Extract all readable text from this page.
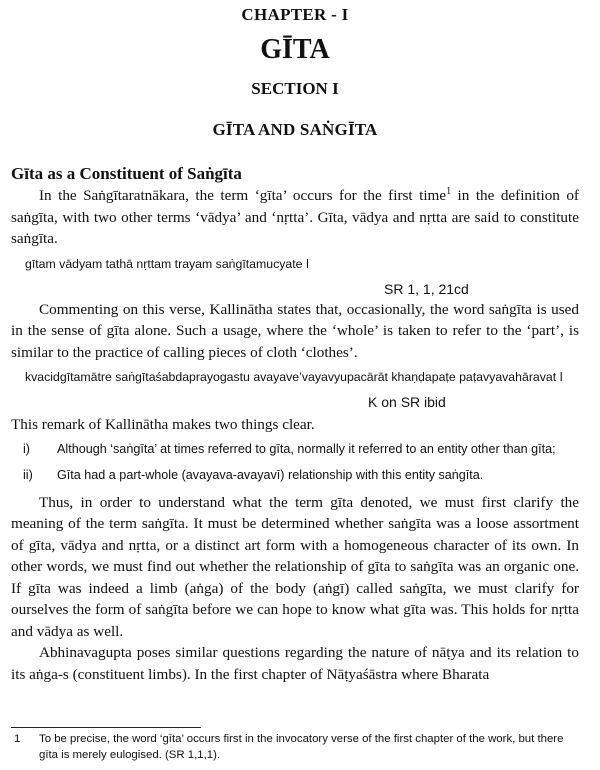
CHAPTER - I
GĪTA
SECTION I
GĪTA AND SAṄGĪTA
Gīta as a Constituent of Saṅgīta

In the Saṅgītaratnākara, the term ‘gīta’ occurs for the first time$^1$ in the definition of saṅgīta, with two other terms ‘vādya’ and ‘nṛtta’. Gīta, vādya and nṛtta are said to constitute saṅgīta.

gītam vādyam tathā nṛttam trayam saṅgītamucyate ǀ
SR 1, 1, 21cd

Commenting on this verse, Kallinātha states that, occasionally, the word saṅgīta is used in the sense of gīta alone. Such a usage, where the ‘whole’ is taken to refer to the ‘part’, is similar to the practice of calling pieces of cloth ‘clothes’.

kvacidgītamātre saṅgītaśabdaprayogastu avayave’vayavyupacārāt khaṇḍapaṭe paṭavyavahāravat ǀ
K on SR ibid

This remark of Kallinātha makes two things clear.

i)	Although ‘saṅgīta’ at times referred to gīta, normally it referred to an entity other than gīta;
ii)	Gīta had a part-whole (avayava-avayavī) relationship with this entity saṅgīta.

Thus, in order to understand what the term gīta denoted, we must first clarify the meaning of the term saṅgīta. It must be determined whether saṅgīta was a loose assortment of gīta, vādya and nṛtta, or a distinct art form with a homogeneous character of its own. In other words, we must find out whether the relationship of gīta to saṅgīta was an organic one. If gīta was indeed a limb (aṅga) of the body (aṅgī) called saṅgīta, we must clarify for ourselves the form of saṅgīta before we can hope to know what gīta was. This holds for nṛtta and vādya as well.

Abhinavagupta poses similar questions regarding the nature of nāṭya and its relation to its aṅga-s (constituent limbs). In the first chapter of Nāṭyaśāstra where Bharata

1	To be precise, the word ‘gīta’ occurs first in the invocatory verse of the first chapter of the work, but there gīta is merely eulogised. (SR 1,1,1).
